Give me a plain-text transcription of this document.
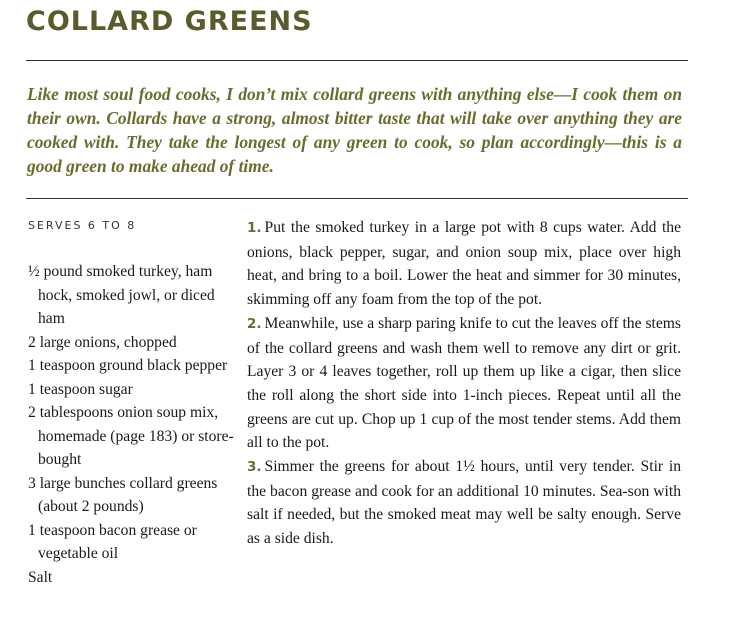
COLLARD GREENS

Like most soul food cooks, I don’t mix collard greens with anything else—I cook them on their own. Collards have a strong, almost bitter taste that will take over anything they are cooked with. They take the longest of any green to cook, so plan accordingly—this is a good green to make ahead of time.

SERVES 6 TO 8

½ pound smoked turkey, ham hock, smoked jowl, or diced ham
2 large onions, chopped
1 teaspoon ground black pepper
1 teaspoon sugar
2 tablespoons onion soup mix, homemade (page 183) or store-bought
3 large bunches collard greens (about 2 pounds)
1 teaspoon bacon grease or vegetable oil
Salt

1. Put the smoked turkey in a large pot with 8 cups water. Add the onions, black pepper, sugar, and onion soup mix, place over high heat, and bring to a boil. Lower the heat and simmer for 30 minutes, skimming off any foam from the top of the pot.

2. Meanwhile, use a sharp paring knife to cut the leaves off the stems of the collard greens and wash them well to remove any dirt or grit. Layer 3 or 4 leaves together, roll up them up like a cigar, then slice the roll along the short side into 1-inch pieces. Repeat until all the greens are cut up. Chop up 1 cup of the most tender stems. Add them all to the pot.

3. Simmer the greens for about 1½ hours, until very tender. Stir in the bacon grease and cook for an additional 10 minutes. Sea-son with salt if needed, but the smoked meat may well be salty enough. Serve as a side dish.
